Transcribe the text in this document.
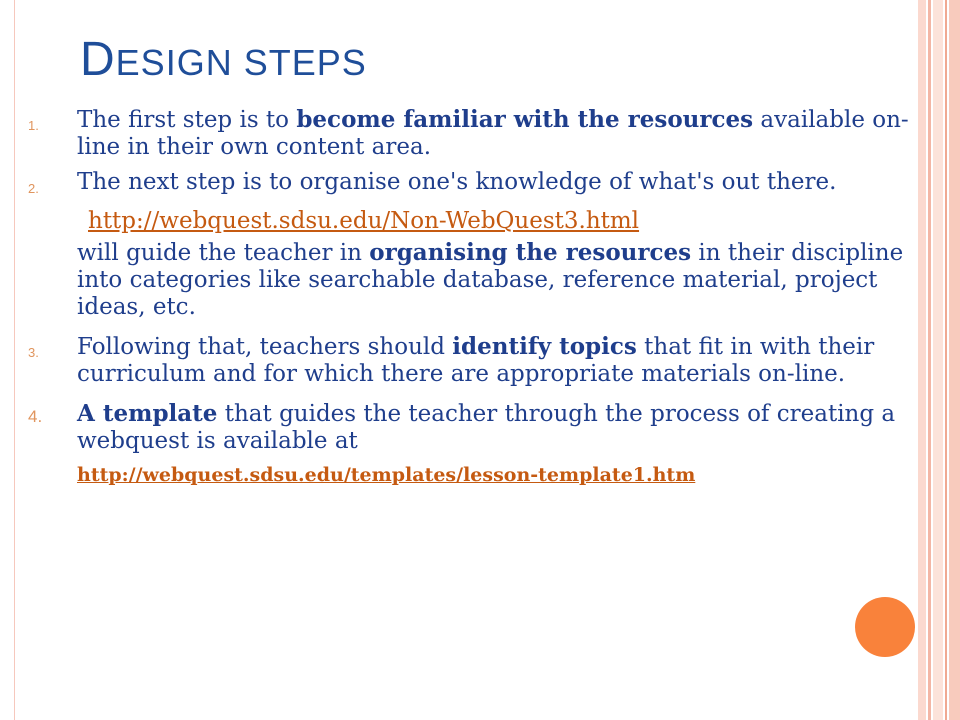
DESIGN STEPS
1. The first step is to become familiar with the resources available on-line in their own content area.
2. The next step is to organise one's knowledge of what's out there.
http://webquest.sdsu.edu/Non-WebQuest3.html
will guide the teacher in organising the resources in their discipline into categories like searchable database, reference material, project ideas, etc.
3. Following that, teachers should identify topics that fit in with their curriculum and for which there are appropriate materials on-line.
4. A template that guides the teacher through the process of creating a webquest is available at
http://webquest.sdsu.edu/templates/lesson-template1.htm
